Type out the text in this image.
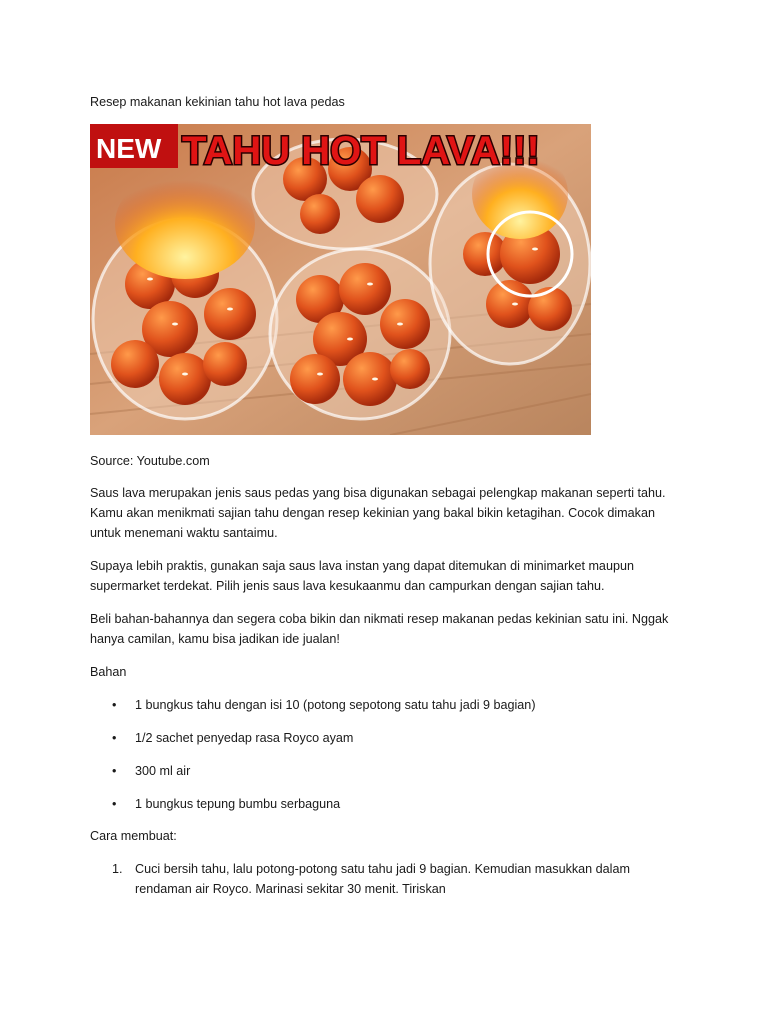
Resep makanan kekinian tahu hot lava pedas
NEW TAHU HOT LAVA!!!
Source: Youtube.com
Saus lava merupakan jenis saus pedas yang bisa digunakan sebagai pelengkap makanan seperti tahu. Kamu akan menikmati sajian tahu dengan resep kekinian yang bakal bikin ketagihan. Cocok dimakan untuk menemani waktu santaimu.
Supaya lebih praktis, gunakan saja saus lava instan yang dapat ditemukan di minimarket maupun supermarket terdekat. Pilih jenis saus lava kesukaanmu dan campurkan dengan sajian tahu.
Beli bahan-bahannya dan segera coba bikin dan nikmati resep makanan pedas kekinian satu ini. Nggak hanya camilan, kamu bisa jadikan ide jualan!
Bahan
• 1 bungkus tahu dengan isi 10 (potong sepotong satu tahu jadi 9 bagian)
• 1/2 sachet penyedap rasa Royco ayam
• 300 ml air
• 1 bungkus tepung bumbu serbaguna
Cara membuat:
1. Cuci bersih tahu, lalu potong-potong satu tahu jadi 9 bagian. Kemudian masukkan dalam rendaman air Royco. Marinasi sekitar 30 menit. Tiriskan
